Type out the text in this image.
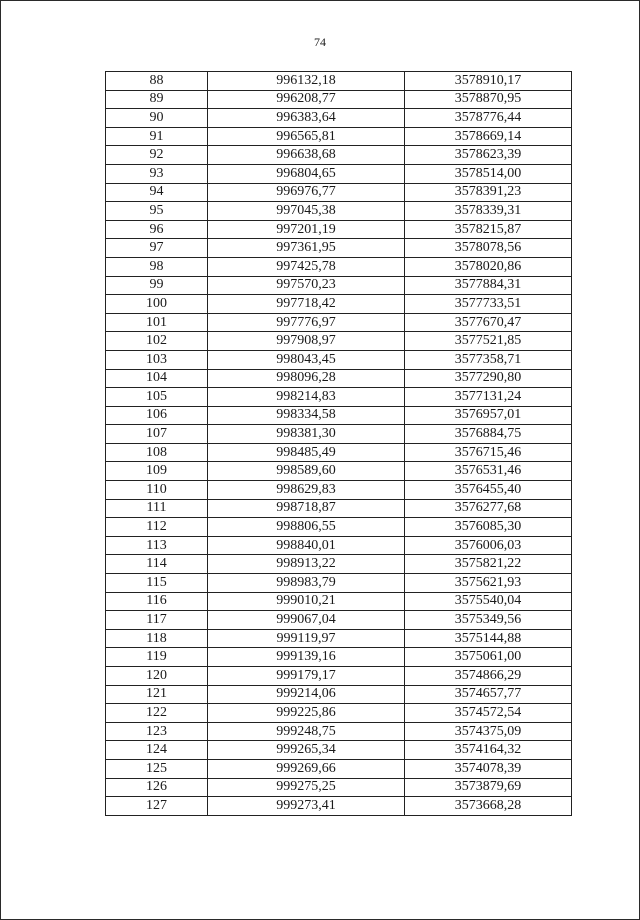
74
88	996132,18	3578910,17
89	996208,77	3578870,95
90	996383,64	3578776,44
91	996565,81	3578669,14
92	996638,68	3578623,39
93	996804,65	3578514,00
94	996976,77	3578391,23
95	997045,38	3578339,31
96	997201,19	3578215,87
97	997361,95	3578078,56
98	997425,78	3578020,86
99	997570,23	3577884,31
100	997718,42	3577733,51
101	997776,97	3577670,47
102	997908,97	3577521,85
103	998043,45	3577358,71
104	998096,28	3577290,80
105	998214,83	3577131,24
106	998334,58	3576957,01
107	998381,30	3576884,75
108	998485,49	3576715,46
109	998589,60	3576531,46
110	998629,83	3576455,40
111	998718,87	3576277,68
112	998806,55	3576085,30
113	998840,01	3576006,03
114	998913,22	3575821,22
115	998983,79	3575621,93
116	999010,21	3575540,04
117	999067,04	3575349,56
118	999119,97	3575144,88
119	999139,16	3575061,00
120	999179,17	3574866,29
121	999214,06	3574657,77
122	999225,86	3574572,54
123	999248,75	3574375,09
124	999265,34	3574164,32
125	999269,66	3574078,39
126	999275,25	3573879,69
127	999273,41	3573668,28
